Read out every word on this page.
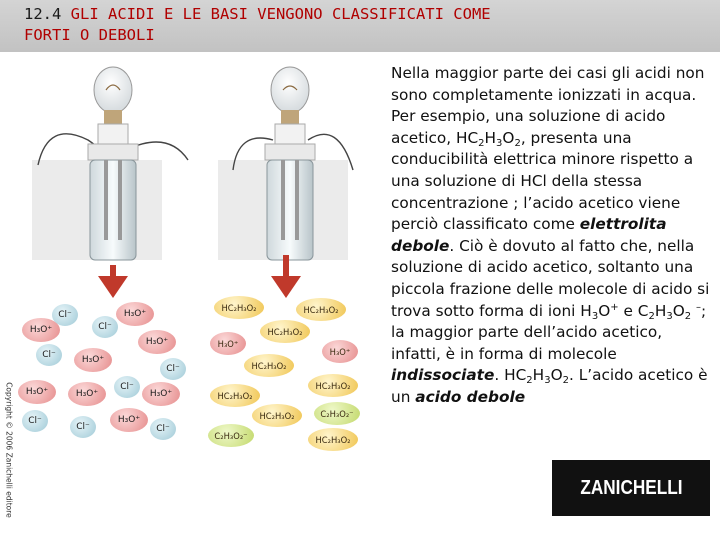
12.4 GLI ACIDI E LE BASI VENGONO CLASSIFICATI COME
FORTI O DEBOLI
Cl⁻	H₃O⁺
H₃O⁺	Cl⁻
Cl⁻
H₃O⁺
Cl⁻
H₃O⁺
Cl⁻
Cl⁻
H₃O⁺	H₃O⁺
Cl⁻
H₃O⁺
H₃O⁺
Cl⁻
HC₂H₃O₂	HC₂H₃O₂
HC₂H₃O₂
H₃O⁺
HC₂H₃O₂
H₃O⁺
HC₂H₃O₂
HC₂H₃O₂
HC₂H₃O₂	C₂H₃O₂⁻
C₂H₃O₂⁻	HC₂H₃O₂
Copyright © 2006 Zanichelli editore
Nella maggior parte dei casi gli acidi non sono completamente ionizzati in acqua. Per esempio, una soluzione di acido acetico, $HC_2H_3O_2$, presenta una conducibilità elettrica minore rispetto a una soluzione di HCl della stessa concentrazione ; l’acido acetico viene perciò classificato come elettrolita debole. Ciò è dovuto al fatto che, nella soluzione di acido acetico, soltanto una piccola frazione delle molecole di acido si trova sotto forma di ioni $H_3O^+$ e $C_2H_3O_2$ –; la maggior parte dell’acido acetico, infatti, è in forma di molecole indissociate. $HC_2H_3O_2$. L’acido acetico è un acido debole
ZANICHELLI
